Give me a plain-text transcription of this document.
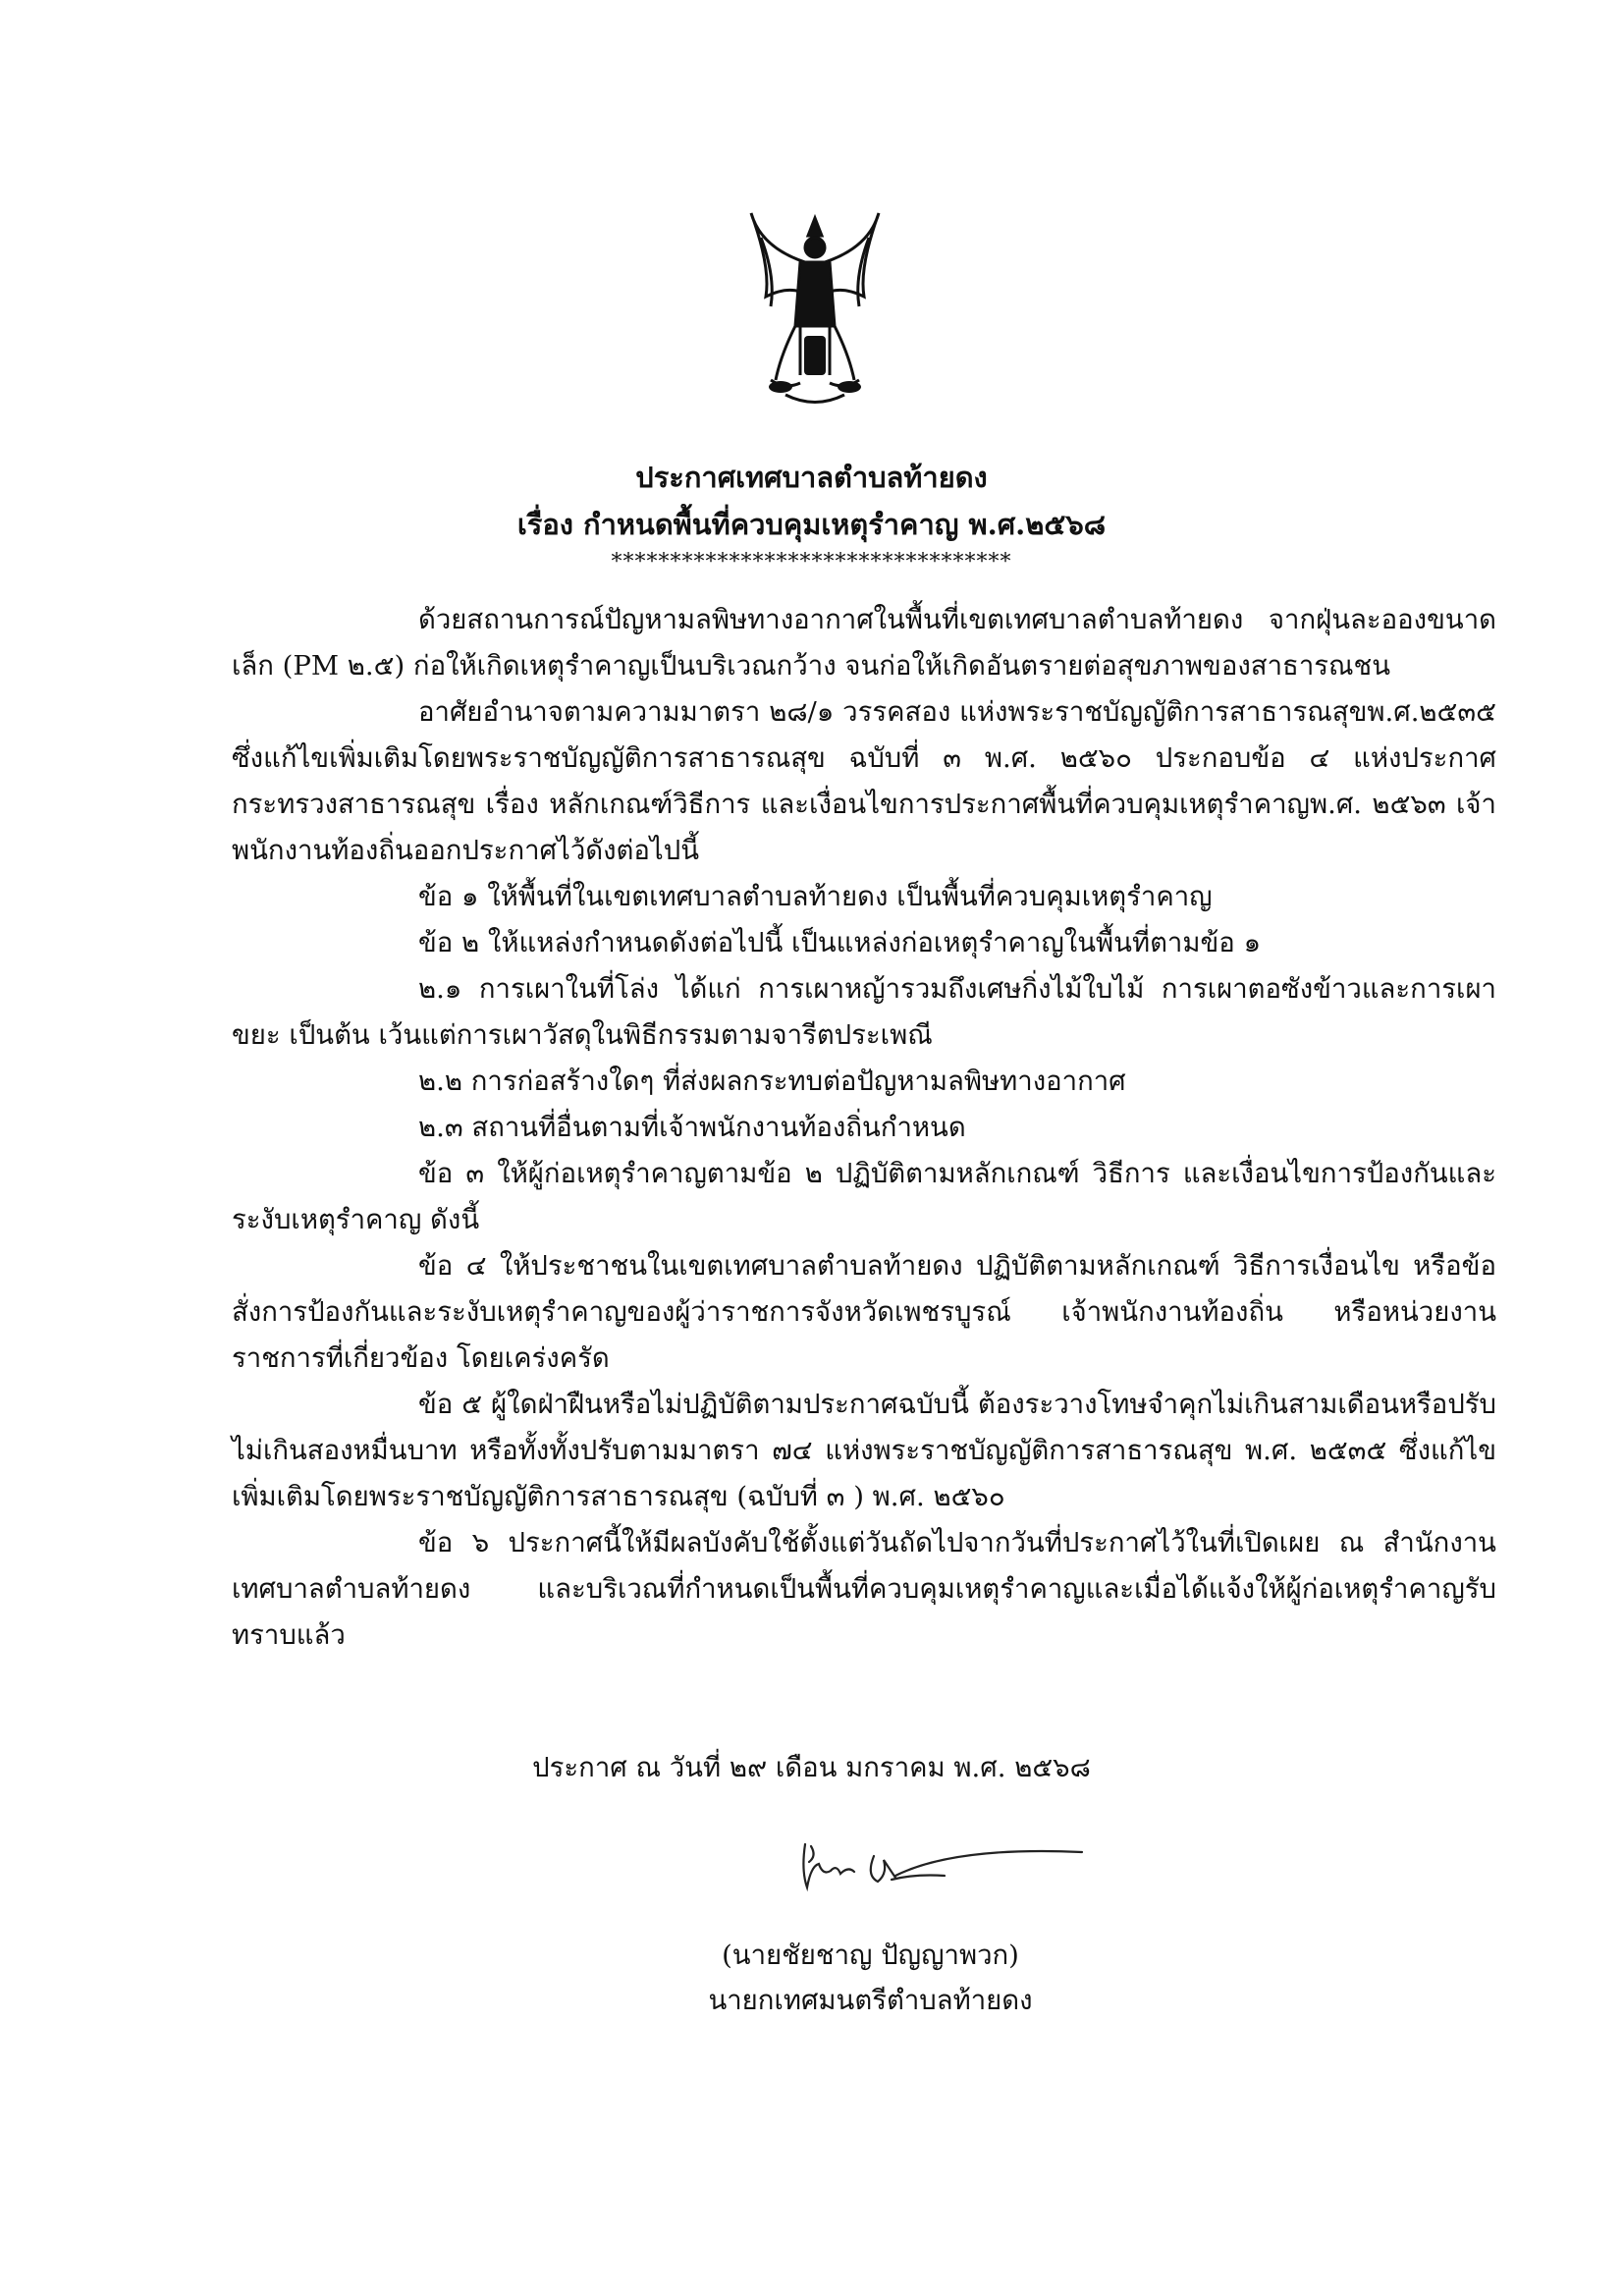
ประกาศเทศบาลตำบลท้ายดง
เรื่อง กำหนดพื้นที่ควบคุมเหตุรำคาญ พ.ศ.๒๕๖๘
**********************************

ด้วยสถานการณ์ปัญหามลพิษทางอากาศในพื้นที่เขตเทศบาลตำบลท้ายดง จากฝุ่นละอองขนาดเล็ก (PM ๒.๕) ก่อให้เกิดเหตุรำคาญเป็นบริเวณกว้าง จนก่อให้เกิดอันตรายต่อสุขภาพของสาธารณชน

อาศัยอำนาจตามความมาตรา ๒๘/๑ วรรคสอง แห่งพระราชบัญญัติการสาธารณสุขพ.ศ.๒๕๓๕ ซึ่งแก้ไขเพิ่มเติมโดยพระราชบัญญัติการสาธารณสุข ฉบับที่ ๓ พ.ศ. ๒๕๖๐ ประกอบข้อ ๔ แห่งประกาศกระทรวงสาธารณสุข เรื่อง หลักเกณฑ์วิธีการ และเงื่อนไขการประกาศพื้นที่ควบคุมเหตุรำคาญพ.ศ. ๒๕๖๓ เจ้าพนักงานท้องถิ่นออกประกาศไว้ดังต่อไปนี้

ข้อ ๑ ให้พื้นที่ในเขตเทศบาลตำบลท้ายดง เป็นพื้นที่ควบคุมเหตุรำคาญ

ข้อ ๒ ให้แหล่งกำหนดดังต่อไปนี้ เป็นแหล่งก่อเหตุรำคาญในพื้นที่ตามข้อ ๑

๒.๑ การเผาในที่โล่ง ได้แก่ การเผาหญ้ารวมถึงเศษกิ่งไม้ใบไม้ การเผาตอซังข้าวและการเผาขยะ เป็นต้น เว้นแต่การเผาวัสดุในพิธีกรรมตามจารีตประเพณี

๒.๒ การก่อสร้างใดๆ ที่ส่งผลกระทบต่อปัญหามลพิษทางอากาศ

๒.๓ สถานที่อื่นตามที่เจ้าพนักงานท้องถิ่นกำหนด

ข้อ ๓ ให้ผู้ก่อเหตุรำคาญตามข้อ ๒ ปฏิบัติตามหลักเกณฑ์ วิธีการ และเงื่อนไขการป้องกันและระงับเหตุรำคาญ ดังนี้

ข้อ ๔ ให้ประชาชนในเขตเทศบาลตำบลท้ายดง ปฏิบัติตามหลักเกณฑ์ วิธีการเงื่อนไข หรือข้อสั่งการป้องกันและระงับเหตุรำคาญของผู้ว่าราชการจังหวัดเพชรบูรณ์ เจ้าพนักงานท้องถิ่น หรือหน่วยงานราชการที่เกี่ยวข้อง โดยเคร่งครัด

ข้อ ๕ ผู้ใดฝ่าฝืนหรือไม่ปฏิบัติตามประกาศฉบับนี้ ต้องระวางโทษจำคุกไม่เกินสามเดือนหรือปรับไม่เกินสองหมื่นบาท หรือทั้งทั้งปรับตามมาตรา ๗๔ แห่งพระราชบัญญัติการสาธารณสุข พ.ศ. ๒๕๓๕ ซึ่งแก้ไขเพิ่มเติมโดยพระราชบัญญัติการสาธารณสุข (ฉบับที่ ๓ ) พ.ศ. ๒๕๖๐

ข้อ ๖ ประกาศนี้ให้มีผลบังคับใช้ตั้งแต่วันถัดไปจากวันที่ประกาศไว้ในที่เปิดเผย ณ สำนักงานเทศบาลตำบลท้ายดง และบริเวณที่กำหนดเป็นพื้นที่ควบคุมเหตุรำคาญและเมื่อได้แจ้งให้ผู้ก่อเหตุรำคาญรับทราบแล้ว

ประกาศ ณ วันที่ ๒๙ เดือน มกราคม พ.ศ. ๒๕๖๘
(นายชัยชาญ ปัญญาพวก)
นายกเทศมนตรีตำบลท้ายดง
